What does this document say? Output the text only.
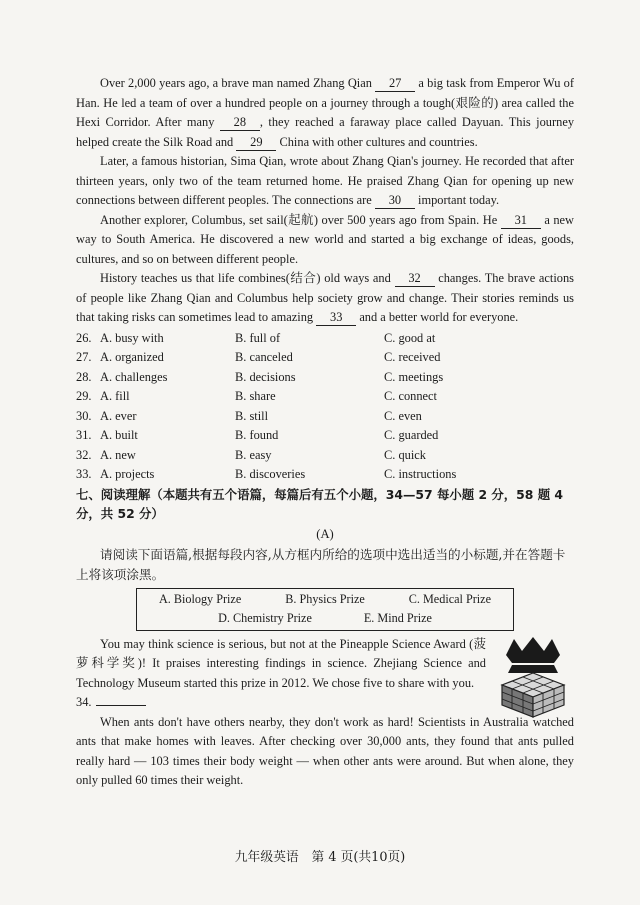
Over 2,000 years ago, a brave man named Zhang Qian 27 a big task from Emperor Wu of Han. He led a team of over a hundred people on a journey through a tough(艰险的) area called the Hexi Corridor. After many 28 , they reached a faraway place called Dayuan. This journey helped create the Silk Road and 29 China with other cultures and countries.

Later, a famous historian, Sima Qian, wrote about Zhang Qian's journey. He recorded that after thirteen years, only two of the team returned home. He praised Zhang Qian for opening up new connections between different peoples. The connections are 30 important today.

Another explorer, Columbus, set sail(起航) over 500 years ago from Spain. He 31 a new way to South America. He discovered a new world and started a big exchange of ideas, goods, cultures, and so on between different people.

History teaches us that life combines(结合) old ways and 32 changes. The brave actions of people like Zhang Qian and Columbus help society grow and change. Their stories reminds us that taking risks can sometimes lead to amazing 33 and a better world for everyone.

26. A. busy with	B. full of	C. good at
27. A. organized	B. canceled	C. received
28. A. challenges	B. decisions	C. meetings
29. A. fill	B. share	C. connect
30. A. ever	B. still	C. even
31. A. built	B. found	C. guarded
32. A. new	B. easy	C. quick
33. A. projects	B. discoveries	C. instructions

七、阅读理解（本题共有五个语篇，每篇后有五个小题，34—57 每小题 2 分，58 题 4 分，共 52 分）

(A)

请阅读下面语篇,根据每段内容,从方框内所给的选项中选出适当的小标题,并在答题卡上将该项涂黑。

A. Biology Prize	B. Physics Prize	C. Medical Prize
D. Chemistry Prize	E. Mind Prize

You may think science is serious, but not at the Pineapple Science Award (菠萝科学奖)! It praises interesting findings in science. Zhejiang Science and Technology Museum started this prize in 2012. We chose five to share with you.

34.

When ants don't have others nearby, they don't work as hard! Scientists in Australia watched ants that make homes with leaves. After checking over 30,000 ants, they found that ants pulled really hard — 103 times their body weight — when other ants were around. But when alone, they only pulled 60 times their weight.

九年级英语　第 4 页(共10页)
